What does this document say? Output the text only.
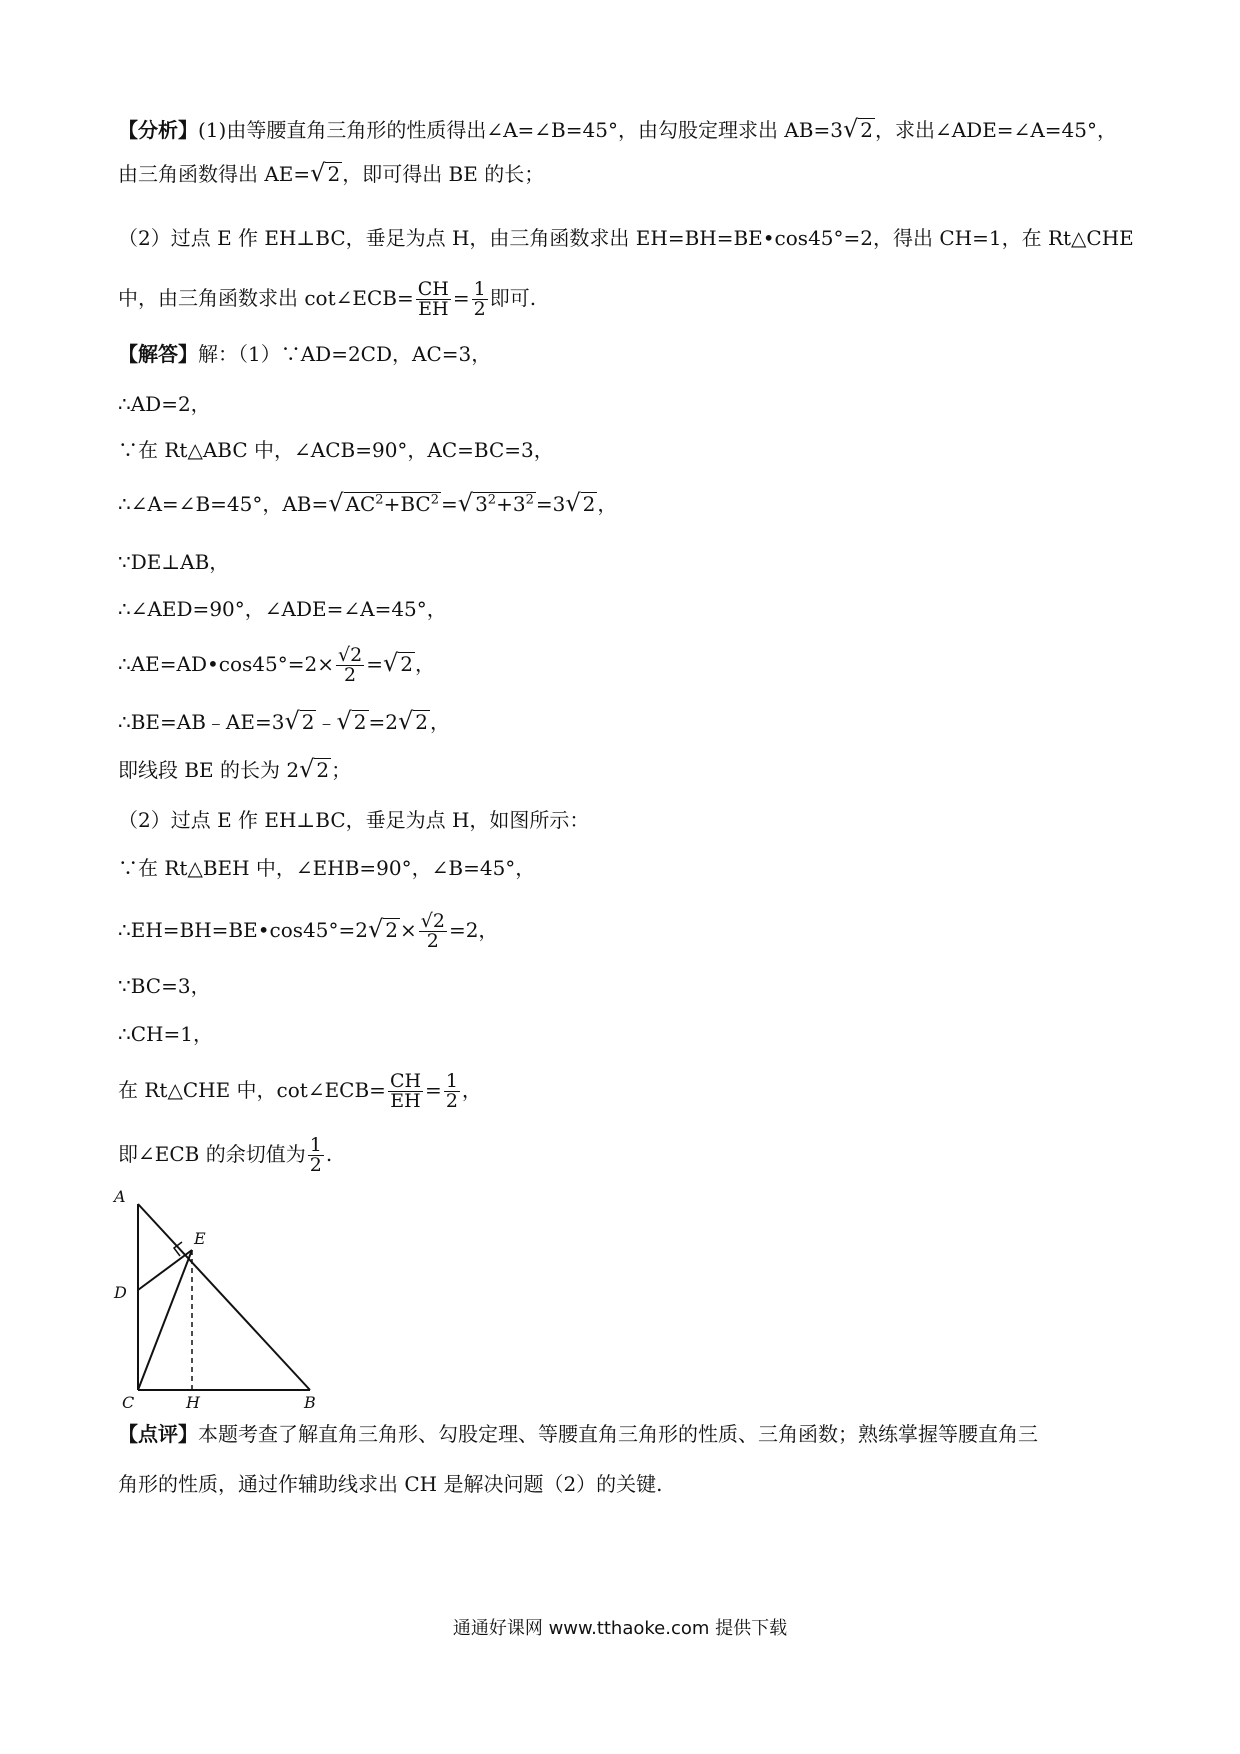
【分析】(1)由等腰直角三角形的性质得出∠A=∠B=45°，由勾股定理求出 AB=3√ 2 ，求出∠ADE=∠A=45°，
由三角函数得出 AE=√ 2 ，即可得出 BE 的长；
（2）过点 E 作 EH⊥BC，垂足为点 H，由三角函数求出 EH=BH=BE•cos45°=2，得出 CH=1，在 Rt△CHE
中，由三角函数求出 cot∠ECB= $\frac{CH}{EH} = \frac{1}{2}$ 即可.
【解答】解：（1）∵AD=2CD，AC=3，
∴AD=2，
∵在 Rt△ABC 中，∠ACB=90°，AC=BC=3，
∴∠A=∠B=45°，AB=√ $AC^2+BC^2$ =√ $3^2+3^2 =3√$ 2 ，
∵DE⊥AB，
∴∠AED=90°，∠ADE=∠A=45°，
∴AE=AD•cos45°=2× $\frac{√2}{2}$ =√ 2 ，
∴BE=AB﹣AE=3√ 2 ﹣√ 2 =2√ 2 ，
即线段 BE 的长为 2√ 2 ；
（2）过点 E 作 EH⊥BC，垂足为点 H，如图所示：
∵在 Rt△BEH 中，∠EHB=90°，∠B=45°，
∴EH=BH=BE•cos45°=2√ $2 \times \frac{√2}{2} =2$，
∵BC=3，
∴CH=1，
在 Rt△CHE 中，cot∠ECB= $\frac{CH}{EH} = \frac{1}{2}$ ，
即∠ECB 的余切值为 $\frac{1}{2}$ .
A
E
D
C	H	B
【点评】本题考查了解直角三角形、勾股定理、等腰直角三角形的性质、三角函数；熟练掌握等腰直角三
角形的性质，通过作辅助线求出 CH 是解决问题（2）的关键.
通通好课网 www.tthaoke.com 提供下载
